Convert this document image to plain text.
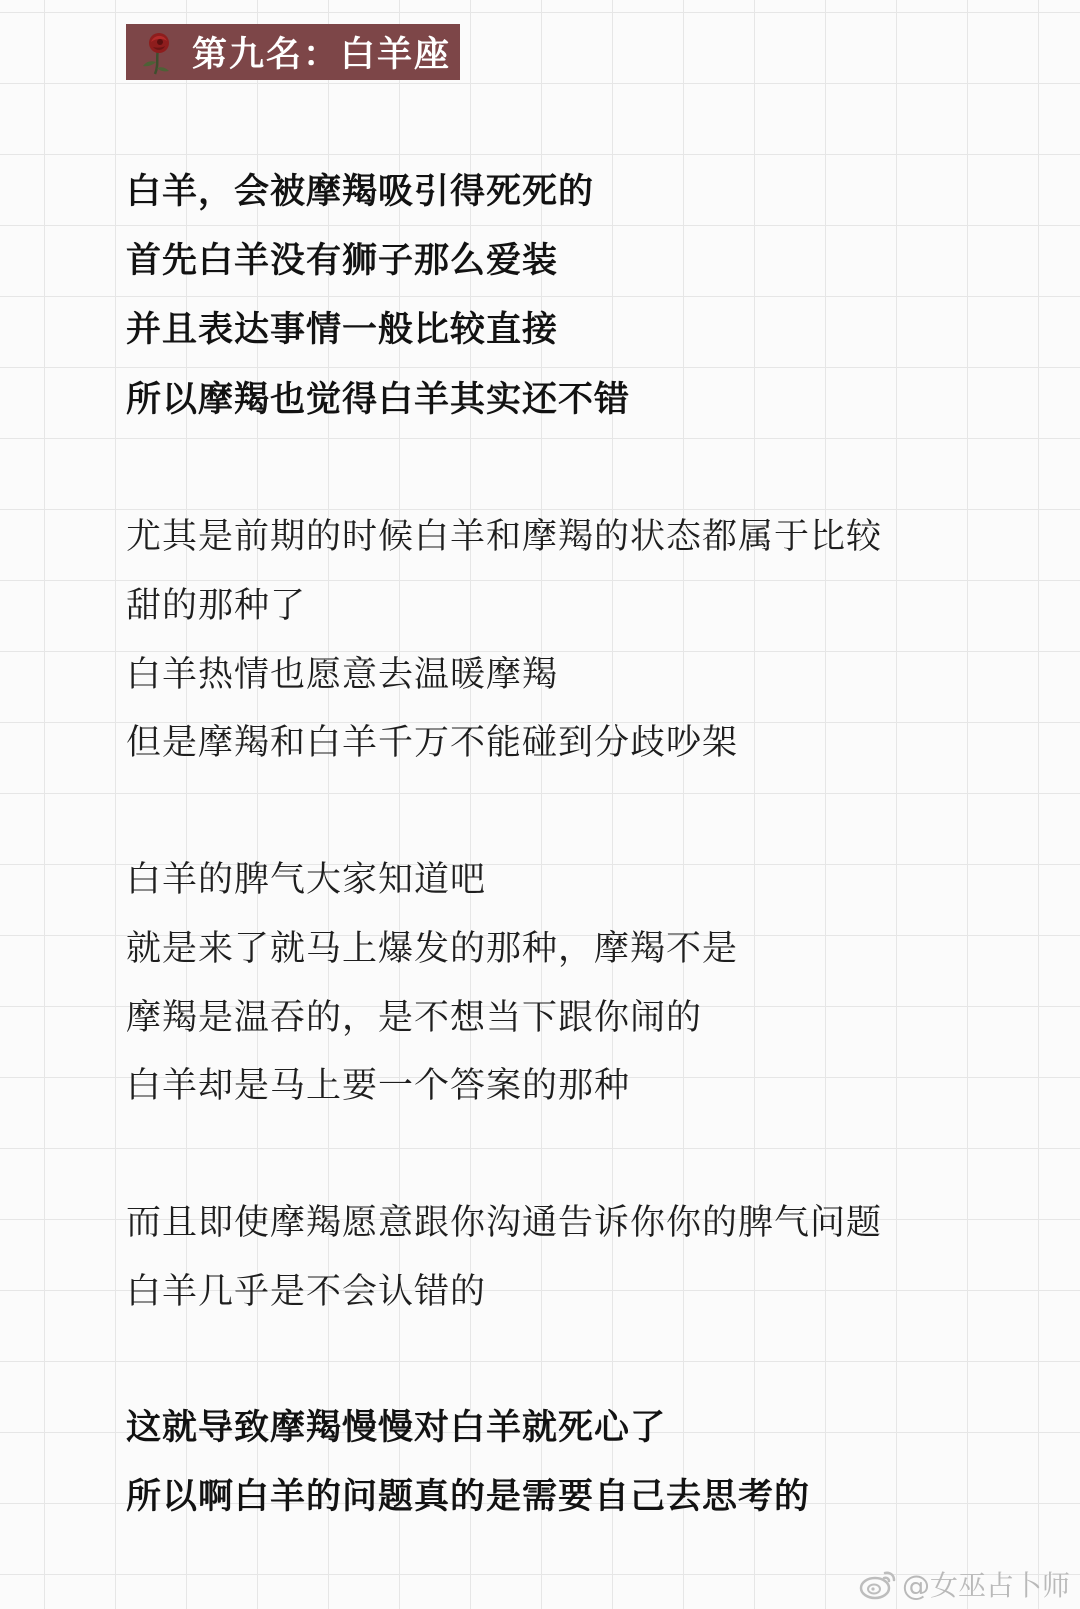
第九名：白羊座
白羊，会被摩羯吸引得死死的
首先白羊没有狮子那么爱装
并且表达事情一般比较直接
所以摩羯也觉得白羊其实还不错
尤其是前期的时候白羊和摩羯的状态都属于比较
甜的那种了
白羊热情也愿意去温暖摩羯
但是摩羯和白羊千万不能碰到分歧吵架
白羊的脾气大家知道吧
就是来了就马上爆发的那种，摩羯不是
摩羯是温吞的，是不想当下跟你闹的
白羊却是马上要一个答案的那种
而且即使摩羯愿意跟你沟通告诉你你的脾气问题
白羊几乎是不会认错的
这就导致摩羯慢慢对白羊就死心了
所以啊白羊的问题真的是需要自己去思考的
@女巫占卜师
